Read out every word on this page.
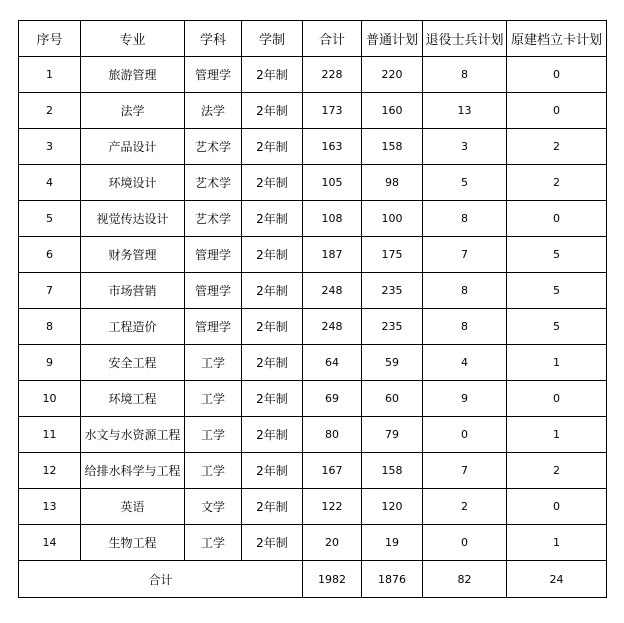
序号	专业	学科	学制	合计	普通计划	退役士兵计划	原建档立卡计划
1	旅游管理	管理学	2年制	228	220	8	0
2	法学	法学	2年制	173	160	13	0
3	产品设计	艺术学	2年制	163	158	3	2
4	环境设计	艺术学	2年制	105	98	5	2
5	视觉传达设计	艺术学	2年制	108	100	8	0
6	财务管理	管理学	2年制	187	175	7	5
7	市场营销	管理学	2年制	248	235	8	5
8	工程造价	管理学	2年制	248	235	8	5
9	安全工程	工学	2年制	64	59	4	1
10	环境工程	工学	2年制	69	60	9	0
11	水文与水资源工程	工学	2年制	80	79	0	1
12	给排水科学与工程	工学	2年制	167	158	7	2
13	英语	文学	2年制	122	120	2	0
14	生物工程	工学	2年制	20	19	0	1
合计				1982	1876	82	24
